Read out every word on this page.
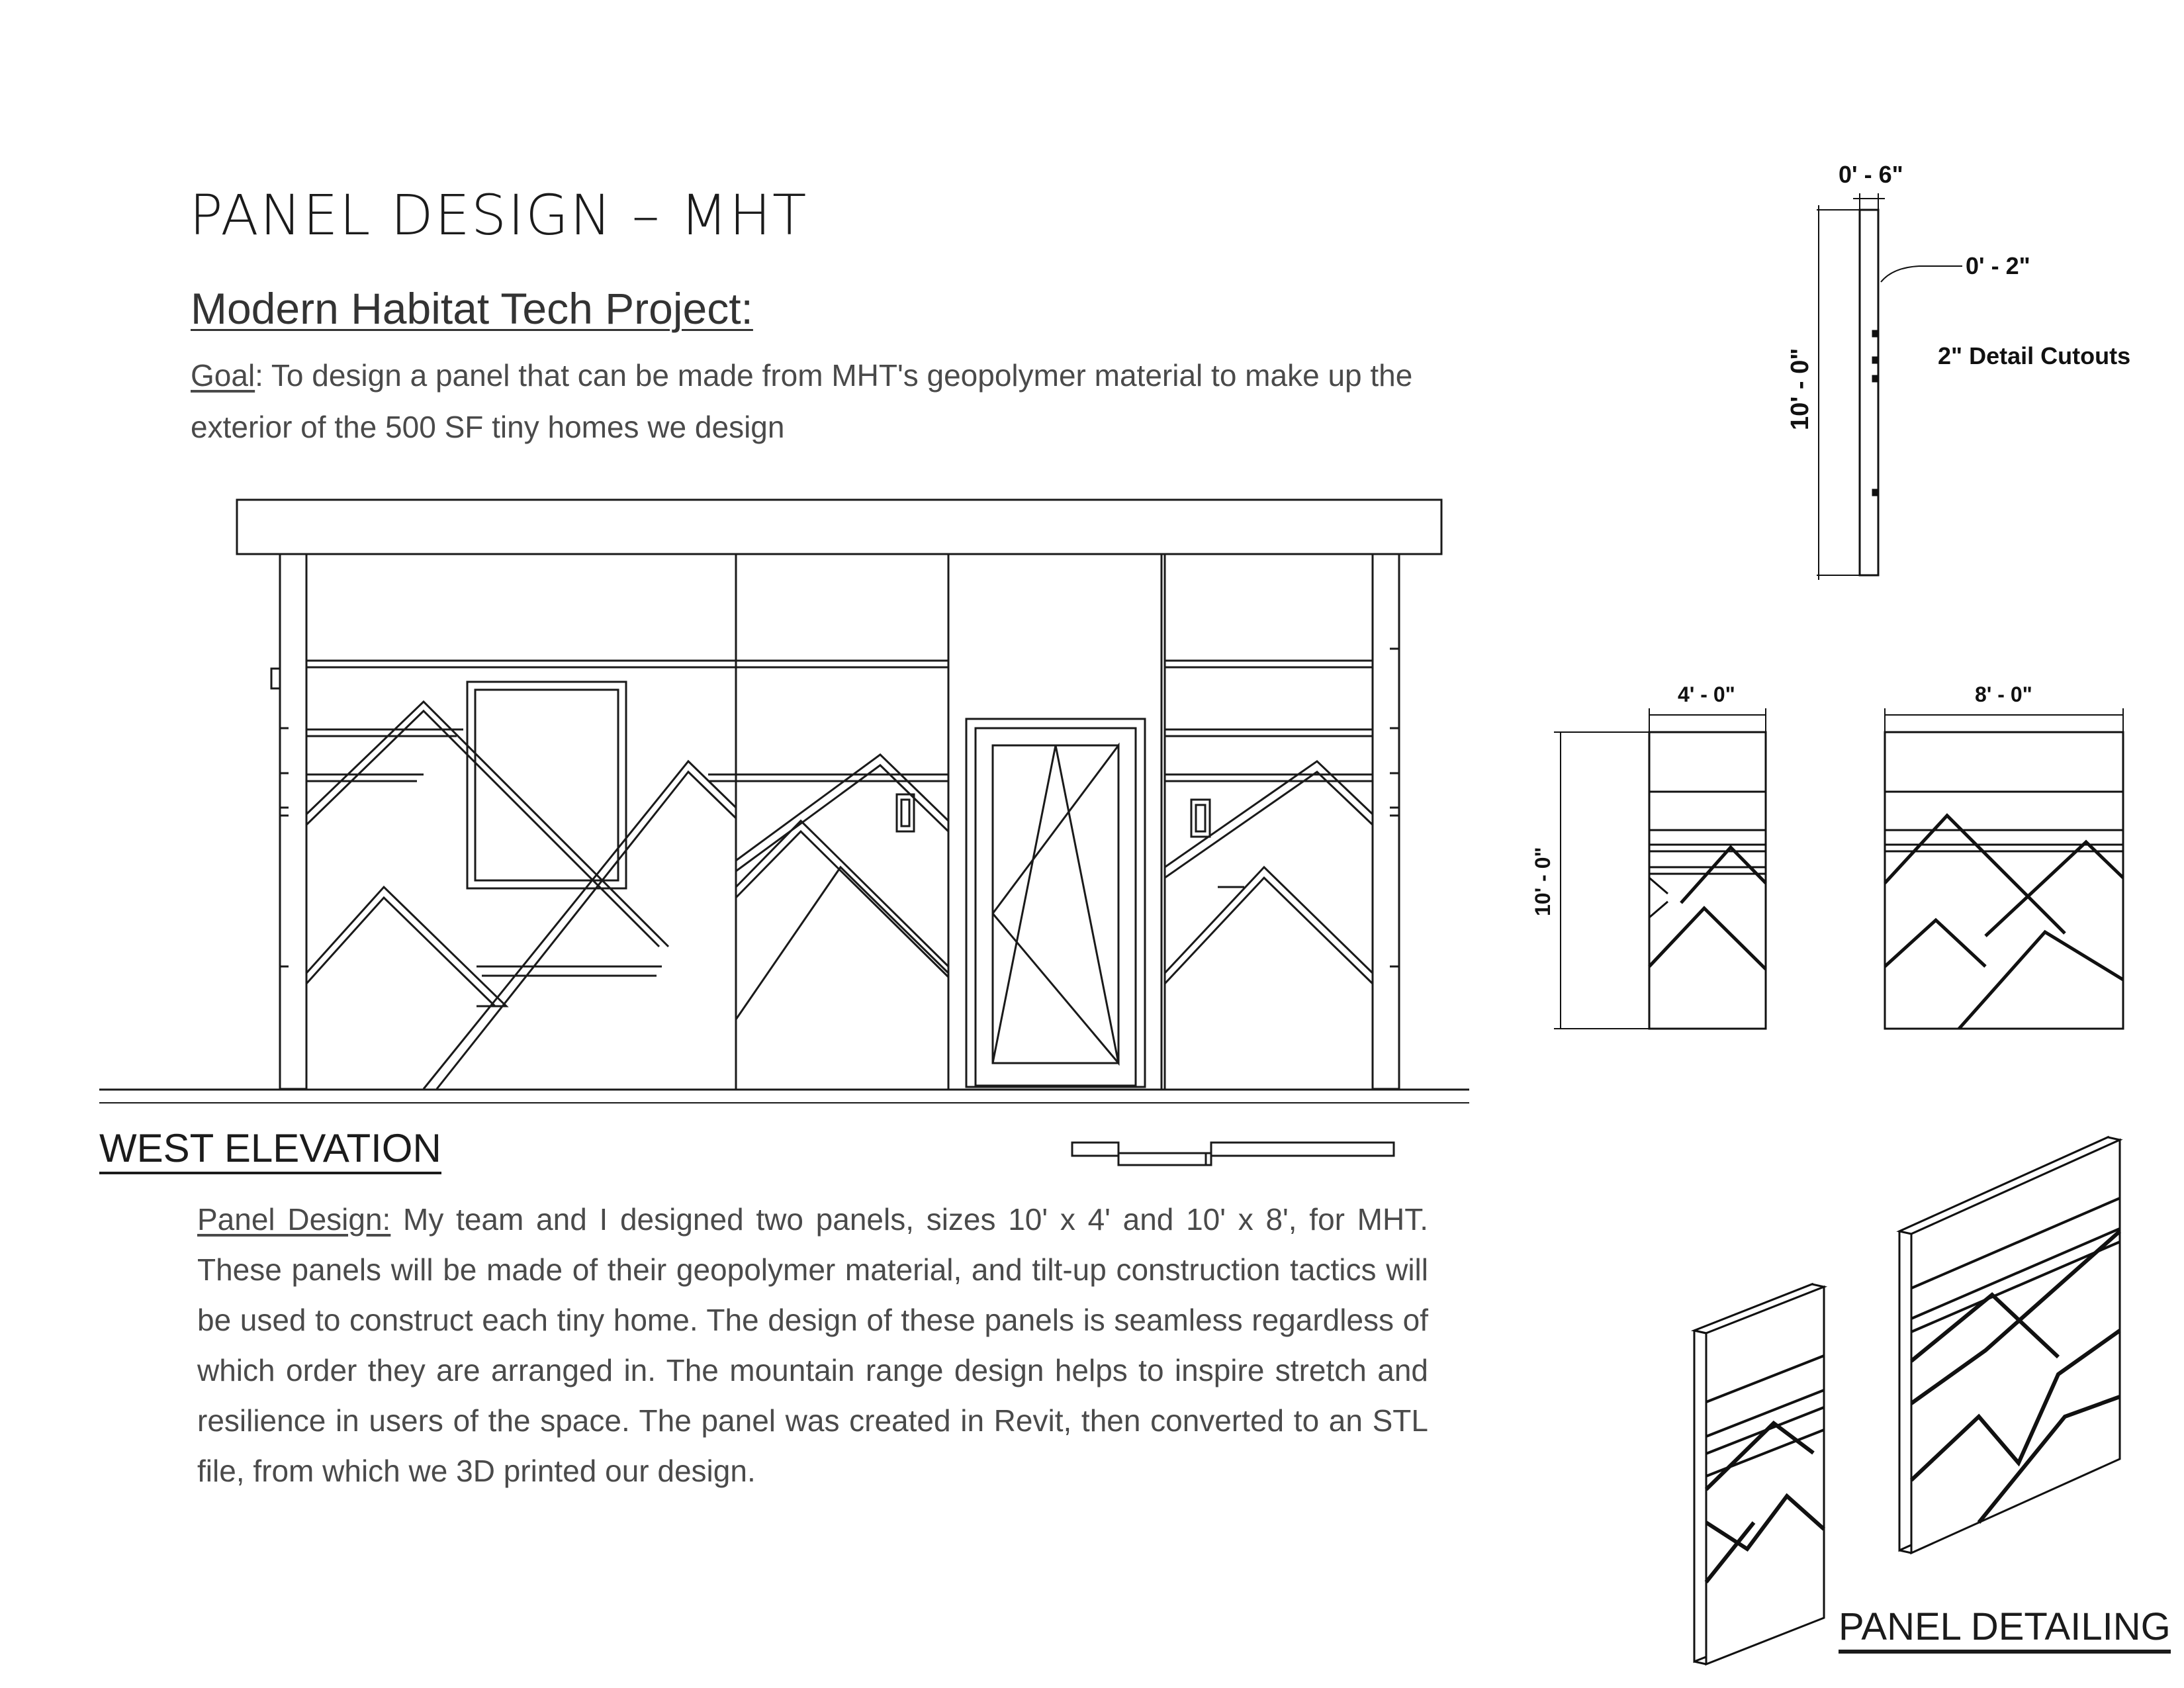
PANEL DESIGN – MHT
Modern Habitat Tech Project:
Goal: To design a panel that can be made from MHT's geopolymer material to make up the exterior of the 500 SF tiny homes we design
WEST ELEVATION
0' - 6"
0' - 2"
2" Detail Cutouts
10' - 0"
4' - 0"	8' - 0"
10' - 0"
PANEL DETAILING
Panel Design: My team and I designed two panels, sizes 10' x 4' and 10' x 8', for MHT. These panels will be made of their geopolymer material, and tilt-up construction tactics will be used to construct each tiny home. The design of these panels is seamless regardless of which order they are arranged in. The mountain range design helps to inspire stretch and resilience in users of the space. The panel was created in Revit, then converted to an STL file, from which we 3D printed our design.
